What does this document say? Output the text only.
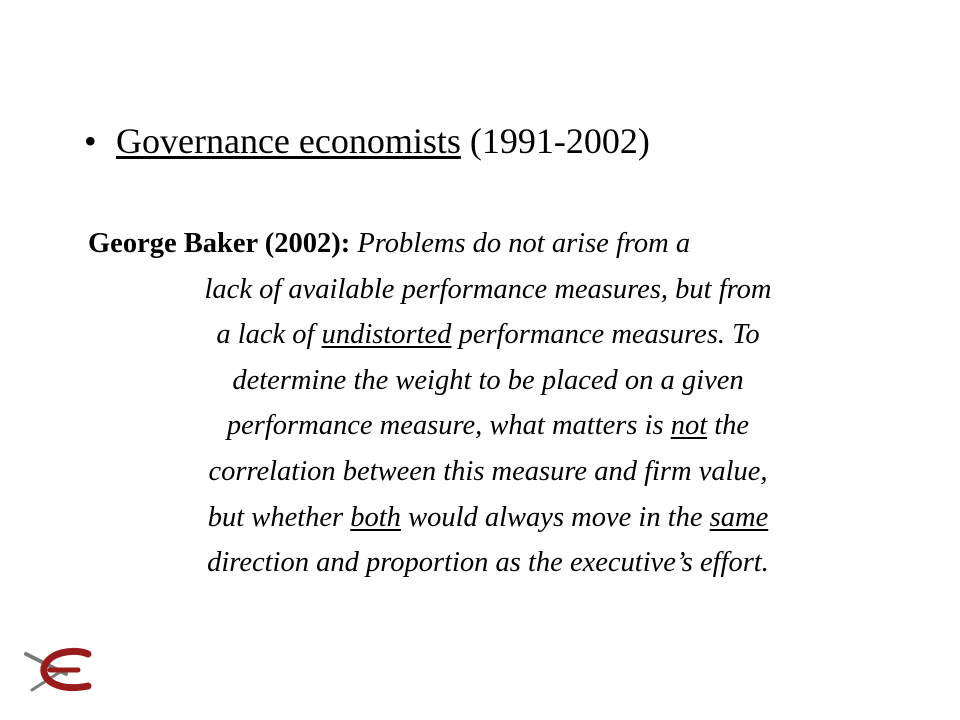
• Governance economists (1991-2002)
George Baker (2002): Problems do not arise from a
lack of available performance measures, but from
a lack of undistorted performance measures. To
determine the weight to be placed on a given
performance measure, what matters is not the
correlation between this measure and firm value,
but whether both would always move in the same
direction and proportion as the executive’s effort.
